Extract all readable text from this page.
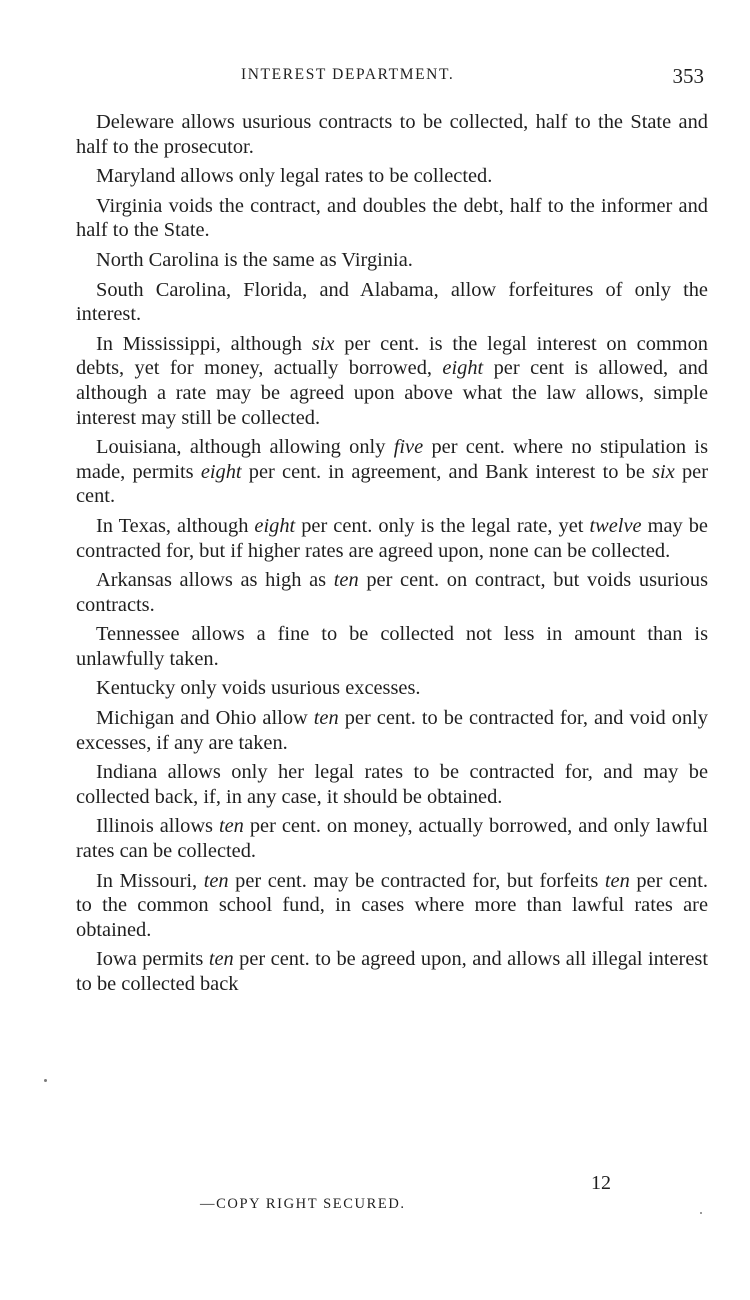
INTEREST DEPARTMENT.	353

Deleware allows usurious contracts to be collected, half to the State and half to the prosecutor.

Maryland allows only legal rates to be collected.

Virginia voids the contract, and doubles the debt, half to the informer and half to the State.

North Carolina is the same as Virginia.

South Carolina, Florida, and Alabama, allow forfeitures of only the interest.

In Mississippi, although six per cent. is the legal interest on common debts, yet for money, actually borrowed, eight per cent is allowed, and although a rate may be agreed upon above what the law allows, simple interest may still be collected.

Louisiana, although allowing only five per cent. where no stipulation is made, permits eight per cent. in agreement, and Bank interest to be six per cent.

In Texas, although eight per cent. only is the legal rate, yet twelve may be contracted for, but if higher rates are agreed upon, none can be collected.

Arkansas allows as high as ten per cent. on contract, but voids usurious contracts.

Tennessee allows a fine to be collected not less in amount than is unlawfully taken.

Kentucky only voids usurious excesses.

Michigan and Ohio allow ten per cent. to be contracted for, and void only excesses, if any are taken.

Indiana allows only her legal rates to be contracted for, and may be collected back, if, in any case, it should be obtained.

Illinois allows ten per cent. on money, actually borrowed, and only lawful rates can be collected.

In Missouri, ten per cent. may be contracted for, but forfeits ten per cent. to the common school fund, in cases where more than lawful rates are obtained.

Iowa permits ten per cent. to be agreed upon, and allows all illegal interest to be collected back

12
—COPY RIGHT SECURED.
